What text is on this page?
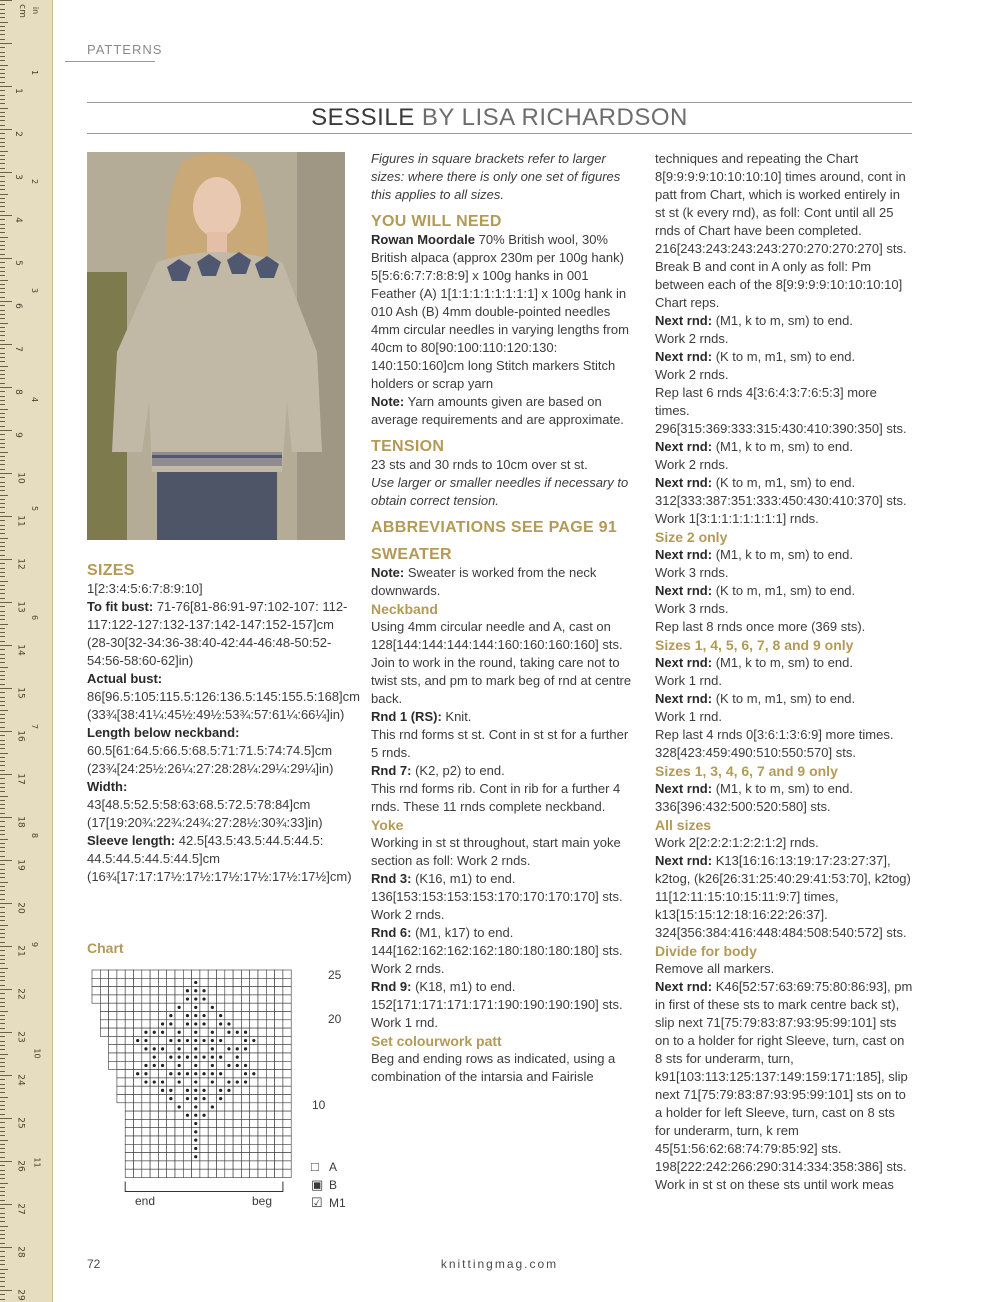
1
2
3
4
5
6
7
8
9
10
11
12
13
14
15
16
17
18
19
20
21
22
23
24
25
26
27
28
29
1
2
3
4
5
6
7
8
9
10
11
cm in
PATTERNS
SESSILE BY LISA RICHARDSON

SIZES

1[2:3:4:5:6:7:8:9:10]

To fit bust: 71-76[81-86:91-97:102-107: 112-117:122-127:132-137:142-147:152-157]cm (28-30[32-34:36-38:40-42:44-46:48-50:52-54:56-58:60-62]in)

Actual bust: 86[96.5:105:115.5:126:136.5:145:155.5:168]cm (33¾[38:41¼:45½:49½:53¾:57:61¼:66¼]in)

Length below neckband: 60.5[61:64.5:66.5:68.5:71:71.5:74:74.5]cm (23¾[24:25½:26¼:27:28:28¼:29¼:29¼]in)

Width: 43[48.5:52.5:58:63:68.5:72.5:78:84]cm (17[19:20¾:22¾:24¾:27:28½:30¾:33]in)

Sleeve length: 42.5[43.5:43.5:44.5:44.5: 44.5:44.5:44.5:44.5]cm (16¾[17:17:17½:17½:17½:17½:17½:17½]cm)

Chart
25
20
10
end	beg
□ A
▣ B
☑ M1

Figures in square brackets refer to larger sizes: where there is only one set of figures this applies to all sizes.

YOU WILL NEED

Rowan Moordale 70% British wool, 30% British alpaca (approx 230m per 100g hank) 5[5:6:6:7:7:8:8:9] x 100g hanks in 001 Feather (A) 1[1:1:1:1:1:1:1:1] x 100g hank in 010 Ash (B) 4mm double-pointed needles 4mm circular needles in varying lengths from 40cm to 80[90:100:110:120:130: 140:150:160]cm long Stitch markers Stitch holders or scrap yarn

Note: Yarn amounts given are based on average requirements and are approximate.

TENSION

23 sts and 30 rnds to 10cm over st st.

Use larger or smaller needles if necessary to obtain correct tension.

ABBREVIATIONS SEE PAGE 91

SWEATER

Note: Sweater is worked from the neck downwards.

Neckband

Using 4mm circular needle and A, cast on 128[144:144:144:144:160:160:160:160] sts. Join to work in the round, taking care not to twist sts, and pm to mark beg of rnd at centre back.

Rnd 1 (RS): Knit.

This rnd forms st st. Cont in st st for a further 5 rnds.

Rnd 7: (K2, p2) to end.

This rnd forms rib. Cont in rib for a further 4 rnds. These 11 rnds complete neckband.

Yoke

Working in st st throughout, start main yoke section as foll: Work 2 rnds.

Rnd 3: (K16, m1) to end. 136[153:153:153:153:170:170:170:170] sts. Work 2 rnds.

Rnd 6: (M1, k17) to end. 144[162:162:162:162:180:180:180:180] sts. Work 2 rnds.

Rnd 9: (K18, m1) to end. 152[171:171:171:171:190:190:190:190] sts. Work 1 rnd.

Set colourwork patt

Beg and ending rows as indicated, using a combination of the intarsia and Fairisle

techniques and repeating the Chart 8[9:9:9:9:10:10:10:10] times around, cont in patt from Chart, which is worked entirely in st st (k every rnd), as foll: Cont until all 25 rnds of Chart have been completed. 216[243:243:243:243:270:270:270:270] sts. Break B and cont in A only as foll: Pm between each of the 8[9:9:9:9:10:10:10:10] Chart reps.

Next rnd: (M1, k to m, sm) to end.

Work 2 rnds.

Next rnd: (K to m, m1, sm) to end.

Work 2 rnds.

Rep last 6 rnds 4[3:6:4:3:7:6:5:3] more times. 296[315:369:333:315:430:410:390:350] sts.

Next rnd: (M1, k to m, sm) to end.

Work 2 rnds.

Next rnd: (K to m, m1, sm) to end. 312[333:387:351:333:450:430:410:370] sts. Work 1[3:1:1:1:1:1:1:1] rnds.

Size 2 only

Next rnd: (M1, k to m, sm) to end.

Work 3 rnds.

Next rnd: (K to m, m1, sm) to end.

Work 3 rnds.

Rep last 8 rnds once more (369 sts).

Sizes 1, 4, 5, 6, 7, 8 and 9 only

Next rnd: (M1, k to m, sm) to end.

Work 1 rnd.

Next rnd: (K to m, m1, sm) to end.

Work 1 rnd.

Rep last 4 rnds 0[3:6:1:3:6:9] more times. 328[423:459:490:510:550:570] sts.

Sizes 1, 3, 4, 6, 7 and 9 only

Next rnd: (M1, k to m, sm) to end. 336[396:432:500:520:580] sts.

All sizes

Work 2[2:2:2:1:2:2:1:2] rnds.

Next rnd: K13[16:16:13:19:17:23:27:37], k2tog, (k26[26:31:25:40:29:41:53:70], k2tog) 11[12:11:15:10:15:11:9:7] times, k13[15:15:12:18:16:22:26:37]. 324[356:384:416:448:484:508:540:572] sts.

Divide for body

Remove all markers.

Next rnd: K46[52:57:63:69:75:80:86:93], pm in first of these sts to mark centre back st), slip next 71[75:79:83:87:93:95:99:101] sts on to a holder for right Sleeve, turn, cast on 8 sts for underarm, turn, k91[103:113:125:137:149:159:171:185], slip next 71[75:79:83:87:93:95:99:101] sts on to a holder for left Sleeve, turn, cast on 8 sts for underarm, turn, k rem 45[51:56:62:68:74:79:85:92] sts. 198[222:242:266:290:314:334:358:386] sts. Work in st st on these sts until work meas

72	knittingmag.com
